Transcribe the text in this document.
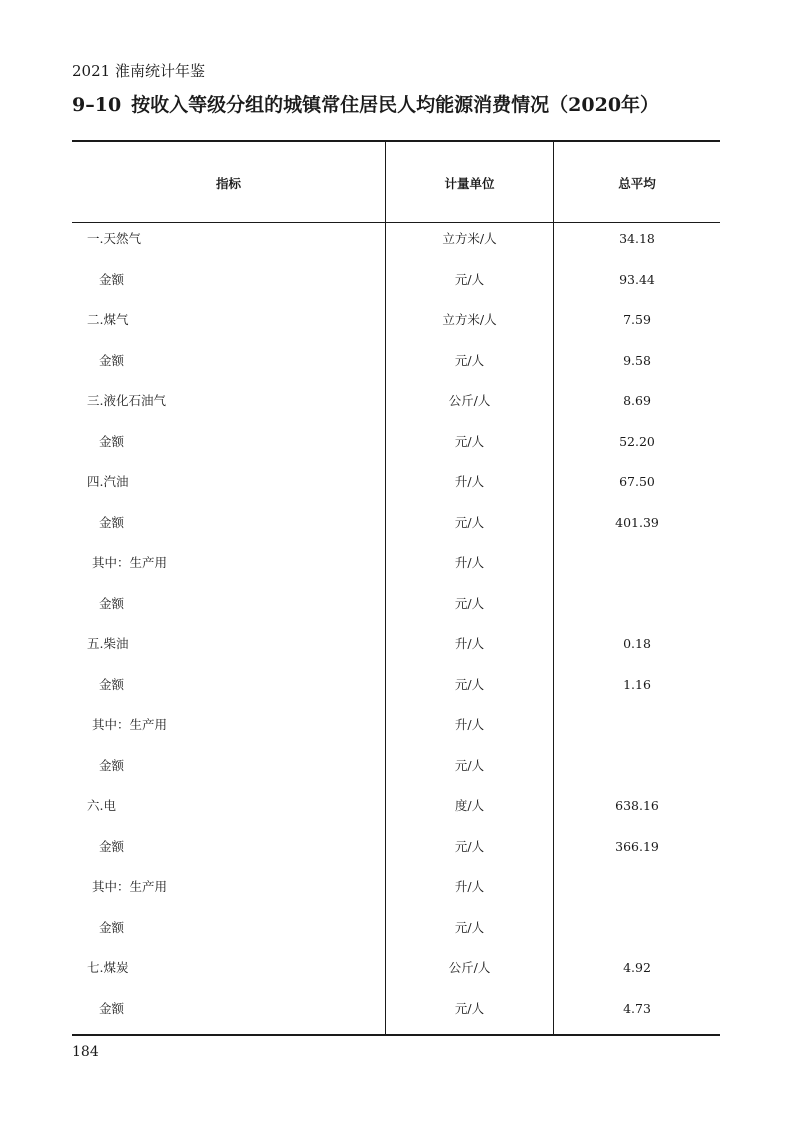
2021 淮南统计年鉴
9–10 按收入等级分组的城镇常住居民人均能源消费情况（2020年）
指标	计量单位	总平均
一.天然气	立方米/人	34.18
金额	元/人	93.44
二.煤气	立方米/人	7.59
金额	元/人	9.58
三.液化石油气	公斤/人	8.69
金额	元/人	52.20
四.汽油	升/人	67.50
金额	元/人	401.39
其中：生产用	升/人
金额	元/人
五.柴油	升/人	0.18
金额	元/人	1.16
其中：生产用	升/人
金额	元/人
六.电	度/人	638.16
金额	元/人	366.19
其中：生产用	升/人
金额	元/人
七.煤炭	公斤/人	4.92
金额	元/人	4.73
184
